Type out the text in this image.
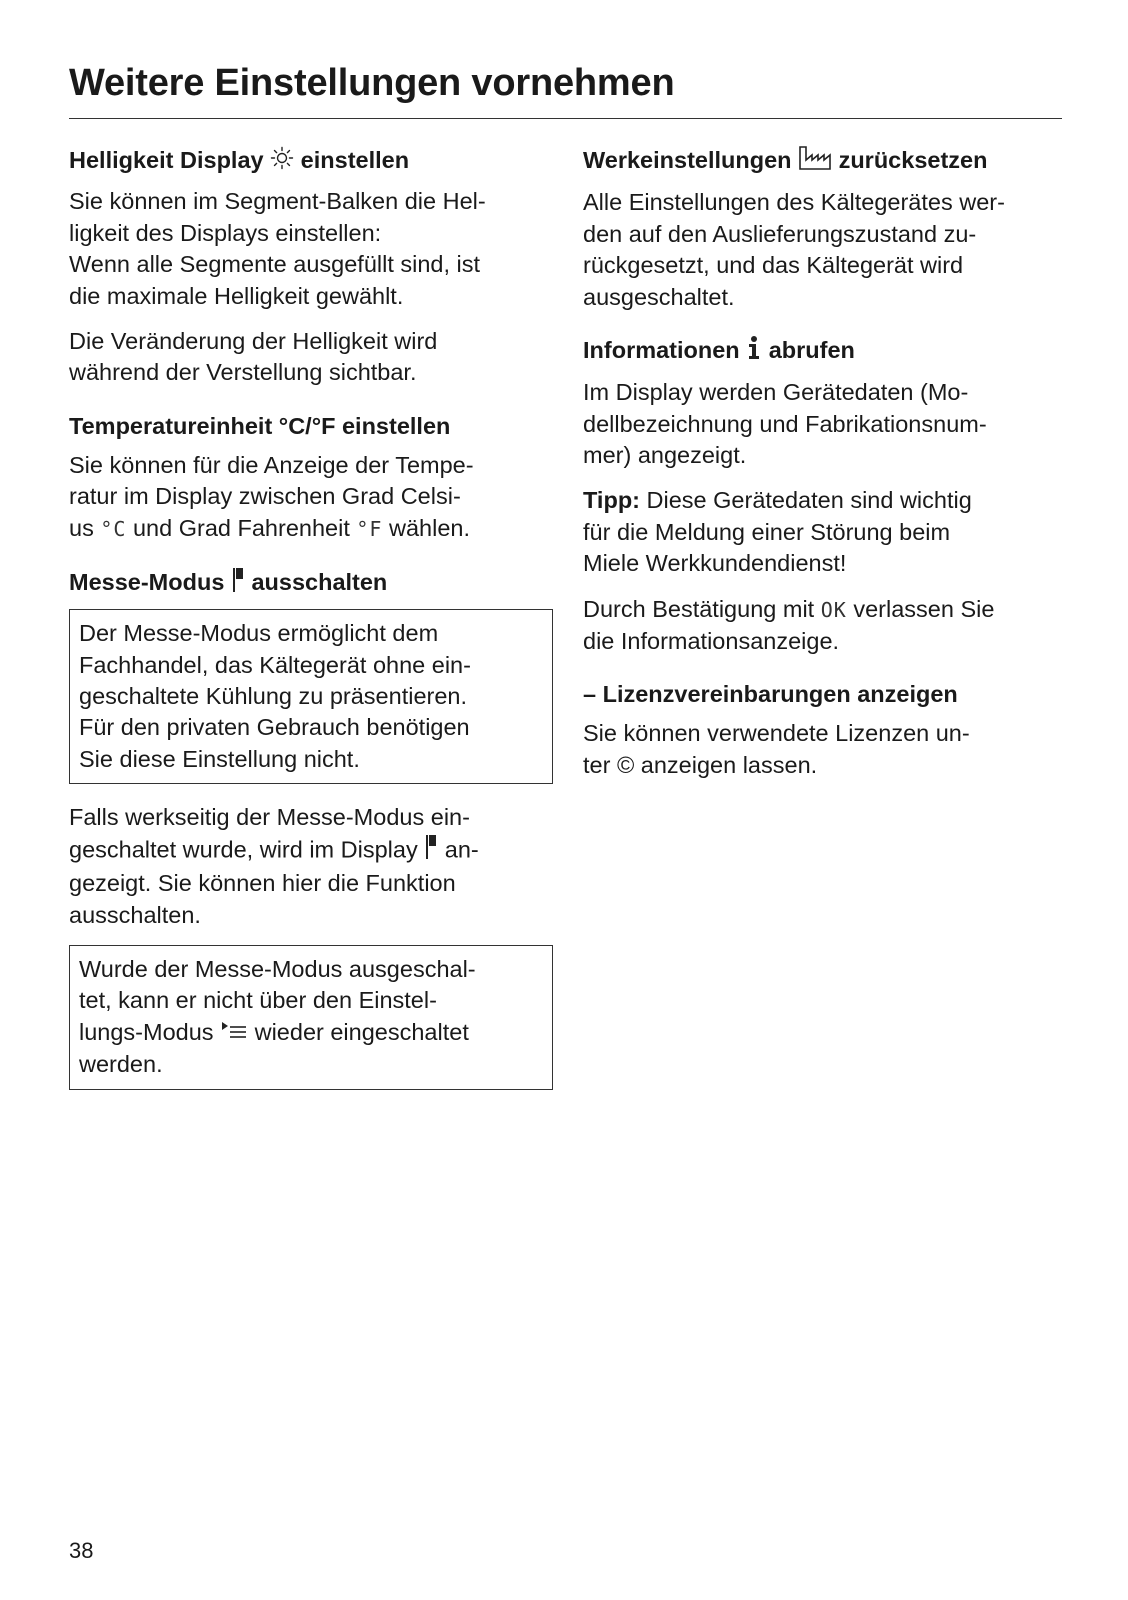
Weitere Einstellungen vornehmen
Helligkeit Display einstellen

Sie können im Segment-Balken die Hel-
ligkeit des Displays einstellen:
Wenn alle Segmente ausgefüllt sind, ist
die maximale Helligkeit gewählt.

Die Veränderung der Helligkeit wird
während der Verstellung sichtbar.

Temperatureinheit °C/°F einstellen

Sie können für die Anzeige der Tempe-
ratur im Display zwischen Grad Celsi-
us °C und Grad Fahrenheit °F wählen.

Messe-Modus ausschalten

Der Messe-Modus ermöglicht dem
Fachhandel, das Kältegerät ohne ein-
geschaltete Kühlung zu präsentieren.
Für den privaten Gebrauch benötigen
Sie diese Einstellung nicht.

Falls werkseitig der Messe-Modus ein-
geschaltet wurde, wird im Display an-
gezeigt. Sie können hier die Funktion
ausschalten.

Wurde der Messe-Modus ausgeschal-
tet, kann er nicht über den Einstel-
lungs-Modus wieder eingeschaltet
werden.

Werkeinstellungen zurücksetzen

Alle Einstellungen des Kältegerätes wer-
den auf den Auslieferungszustand zu-
rückgesetzt, und das Kältegerät wird
ausgeschaltet.

Informationen abrufen

Im Display werden Gerätedaten (Mo-
dellbezeichnung und Fabrikationsnum-
mer) angezeigt.

Tipp: Diese Gerätedaten sind wichtig
für die Meldung einer Störung beim
Miele Werkkundendienst!

Durch Bestätigung mit OK verlassen Sie
die Informationsanzeige.

– Lizenzvereinbarungen anzeigen

Sie können verwendete Lizenzen un-
ter © anzeigen lassen.

38
